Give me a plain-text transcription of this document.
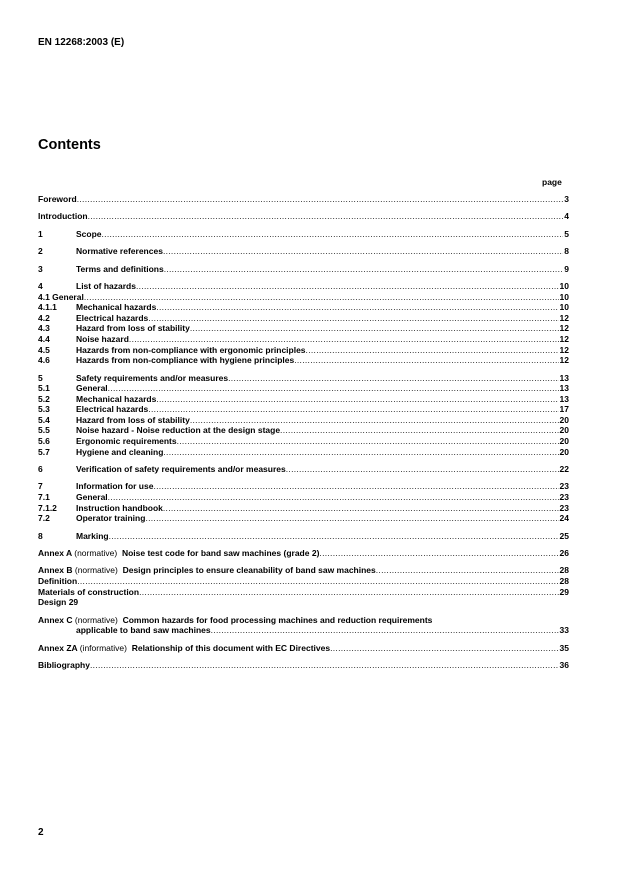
EN 12268:2003 (E)
Contents
page
Foreword .....	3
Introduction .....	4
1	Scope .....	5
2	Normative references .....	8
3	Terms and definitions .....	9
4	List of hazards .....	10
4.1 General .....	10
4.1.1	Mechanical hazards .....	10
4.2	Electrical hazards .....	12
4.3	Hazard from loss of stability .....	12
4.4	Noise hazard .....	12
4.5	Hazards from non-compliance with ergonomic principles .....	12
4.6	Hazards from non-compliance with hygiene principles .....	12
5	Safety requirements and/or measures .....	13
5.1	General .....	13
5.2	Mechanical hazards .....	13
5.3	Electrical hazards .....	17
5.4	Hazard from loss of stability .....	20
5.5	Noise hazard - Noise reduction at the design stage .....	20
5.6	Ergonomic requirements .....	20
5.7	Hygiene and cleaning .....	20
6	Verification of safety requirements and/or measures .....	22
7	Information for use .....	23
7.1	General .....	23
7.1.2	Instruction handbook .....	23
7.2	Operator training .....	24
8	Marking .....	25
Annex A (normative) Noise test code for band saw machines (grade 2) .....	26
Annex B (normative) Design principles to ensure cleanability of band saw machines .....	28
Definition .....	28
Materials of construction .....	29
Design 29
Annex C (normative) Common hazards for food processing machines and reduction requirements
applicable to band saw machines .....	33
Annex ZA (informative) Relationship of this document with EC Directives .....	35
Bibliography .....	36
2
